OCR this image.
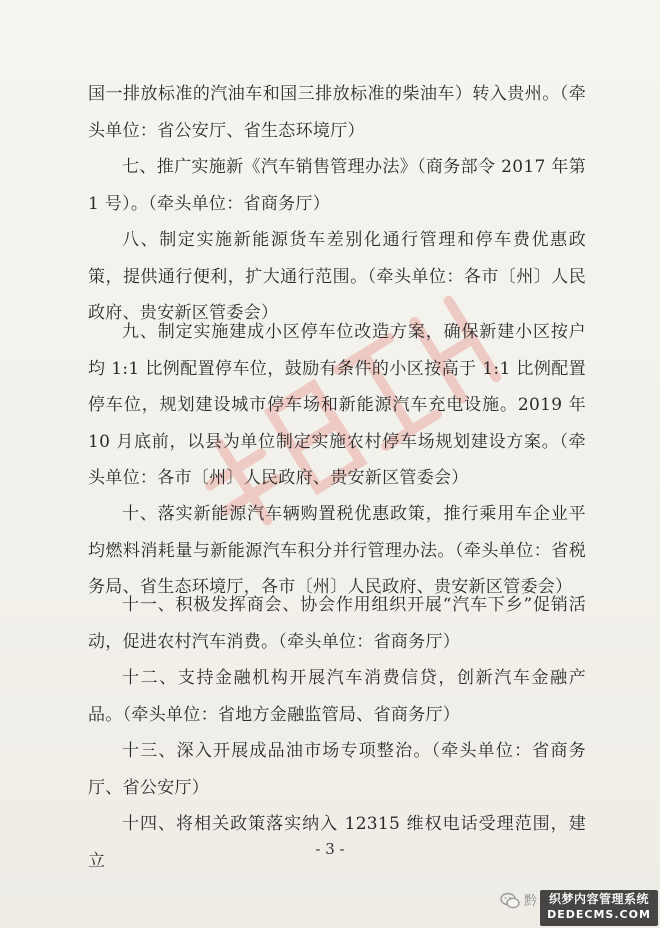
国一排放标准的汽油车和国三排放标准的柴油车）转入贵州。（牵头单位：省公安厅、省生态环境厅）
七、推广实施新《汽车销售管理办法》（商务部令 2017 年第 1 号）。（牵头单位：省商务厅）
八、制定实施新能源货车差别化通行管理和停车费优惠政策，提供通行便利，扩大通行范围。（牵头单位：各市〔州〕人民政府、贵安新区管委会）
九、制定实施建成小区停车位改造方案，确保新建小区按户均 1:1 比例配置停车位，鼓励有条件的小区按高于 1:1 比例配置停车位，规划建设城市停车场和新能源汽车充电设施。2019 年 10 月底前，以县为单位制定实施农村停车场规划建设方案。（牵头单位：各市〔州〕人民政府、贵安新区管委会）
十、落实新能源汽车辆购置税优惠政策，推行乘用车企业平均燃料消耗量与新能源汽车积分并行管理办法。（牵头单位：省税务局、省生态环境厅，各市〔州〕人民政府、贵安新区管委会）
十一、积极发挥商会、协会作用组织开展“汽车下乡”促销活动，促进农村汽车消费。（牵头单位：省商务厅）
十二、支持金融机构开展汽车消费信贷，创新汽车金融产品。（牵头单位：省地方金融监管局、省商务厅）
十三、深入开展成品油市场专项整治。（牵头单位：省商务厅、省公安厅）
十四、将相关政策落实纳入 12315 维权电话受理范围，建立
- 3 -
黔 织梦内容管理系统
DEDECMS.COM
